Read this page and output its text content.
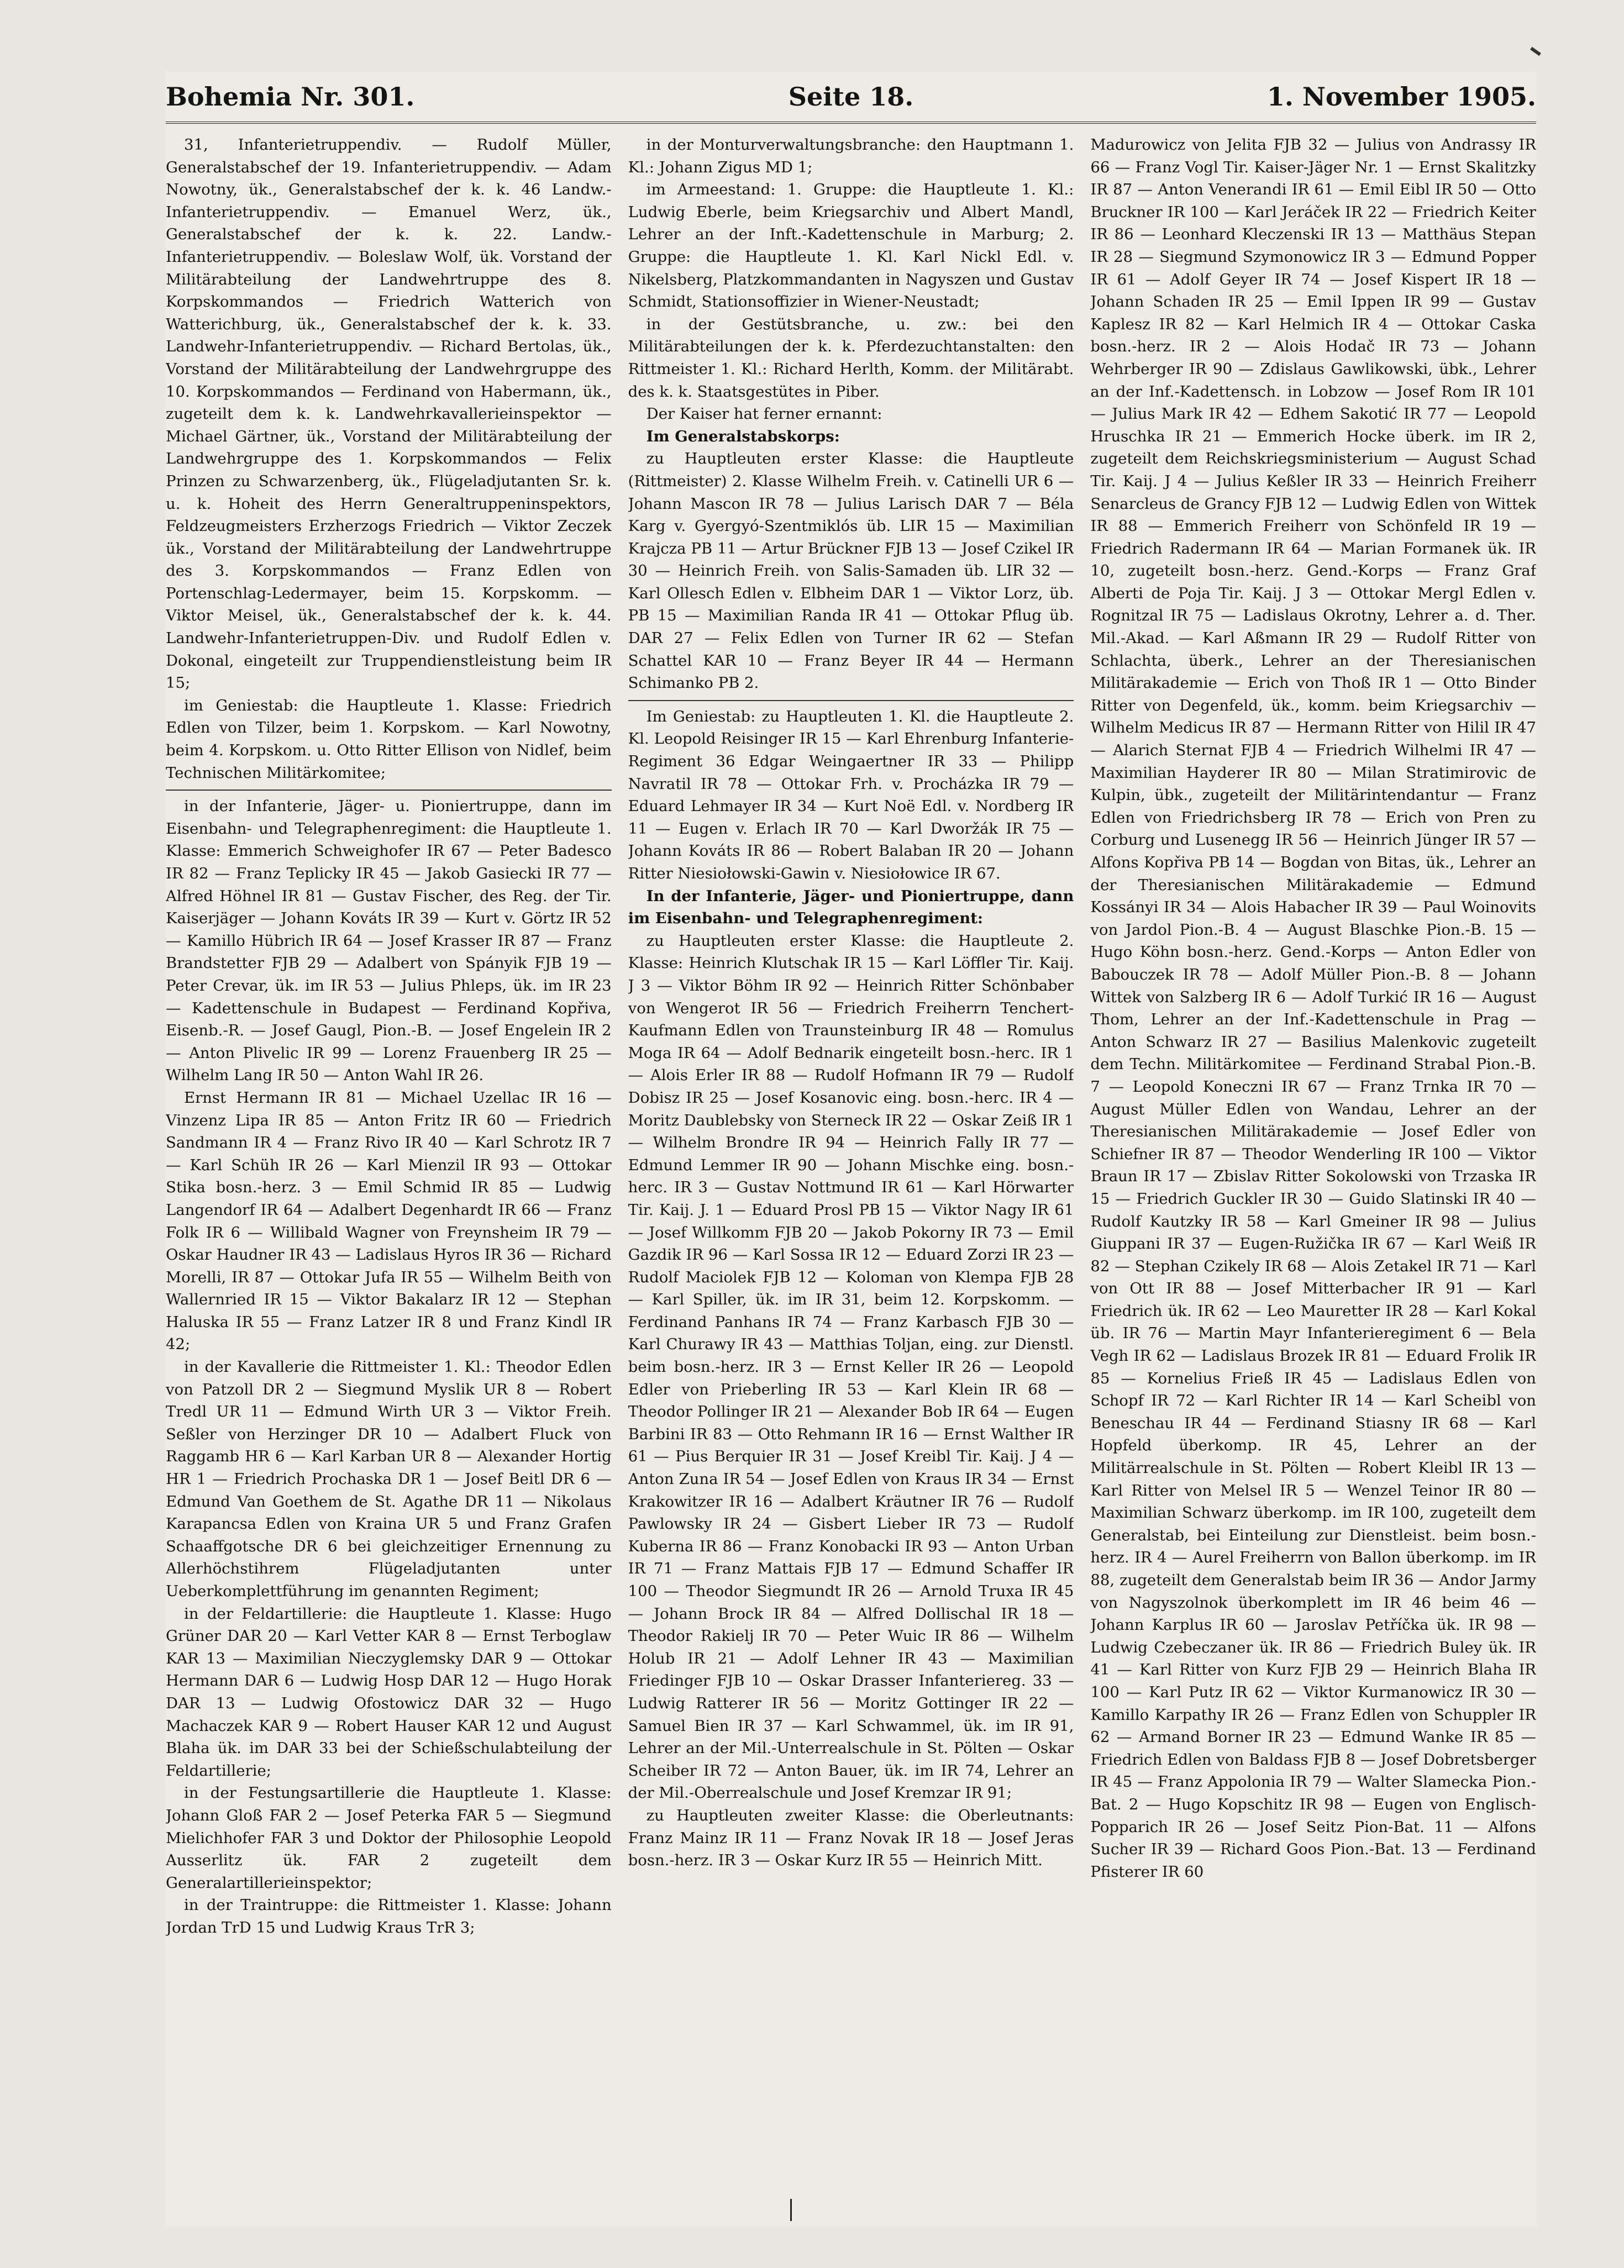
Bohemia Nr. 301.	Seite 18.	1. November 1905.

31, Infanterietruppendiv. — Rudolf Müller, Generalstabschef der 19. Infanterietruppendiv. — Adam Nowotny, ük., Generalstabschef der k. k. 46 Landw.-Infanterietruppendiv. — Emanuel Werz, ük., Generalstabschef der k. k. 22. Landw.-Infanterietruppendiv. — Boleslaw Wolf, ük. Vorstand der Militärabteilung der Landwehrtruppe des 8. Korpskommandos — Friedrich Watterich von Watterichburg, ük., Generalstabschef der k. k. 33. Landwehr-Infanterietruppendiv. — Richard Bertolas, ük., Vorstand der Militärabteilung der Landwehrgruppe des 10. Korpskommandos — Ferdinand von Habermann, ük., zugeteilt dem k. k. Landwehrkavallerieinspektor — Michael Gärtner, ük., Vorstand der Militärabteilung der Landwehrgruppe des 1. Korpskommandos — Felix Prinzen zu Schwarzenberg, ük., Flügeladjutanten Sr. k. u. k. Hoheit des Herrn Generaltruppeninspektors, Feldzeugmeisters Erzherzogs Friedrich — Viktor Zeczek ük., Vorstand der Militärabteilung der Landwehrtruppe des 3. Korpskommandos — Franz Edlen von Portenschlag-Ledermayer, beim 15. Korpskomm. — Viktor Meisel, ük., Generalstabschef der k. k. 44. Landwehr-Infanterietruppen-Div. und Rudolf Edlen v. Dokonal, eingeteilt zur Truppendienstleistung beim IR 15;

im Geniestab: die Hauptleute 1. Klasse: Friedrich Edlen von Tilzer, beim 1. Korpskom. — Karl Nowotny, beim 4. Korpskom. u. Otto Ritter Ellison von Nidlef, beim Technischen Militärkomitee;

in der Infanterie, Jäger- u. Pioniertruppe, dann im Eisenbahn- und Telegraphenregiment: die Hauptleute 1. Klasse: Emmerich Schweighofer IR 67 — Peter Badesco IR 82 — Franz Teplicky IR 45 — Jakob Gasiecki IR 77 — Alfred Höhnel IR 81 — Gustav Fischer, des Reg. der Tir. Kaiserjäger — Johann Kováts IR 39 — Kurt v. Görtz IR 52 — Kamillo Hübrich IR 64 — Josef Krasser IR 87 — Franz Brandstetter FJB 29 — Adalbert von Spányik FJB 19 — Peter Crevar, ük. im IR 53 — Julius Phleps, ük. im IR 23 — Kadettenschule in Budapest — Ferdinand Kopřiva, Eisenb.-R. — Josef Gaugl, Pion.-B. — Josef Engelein IR 2 — Anton Plivelic IR 99 — Lorenz Frauenberg IR 25 — Wilhelm Lang IR 50 — Anton Wahl IR 26.

Ernst Hermann IR 81 — Michael Uzellac IR 16 — Vinzenz Lipa IR 85 — Anton Fritz IR 60 — Friedrich Sandmann IR 4 — Franz Rivo IR 40 — Karl Schrotz IR 7 — Karl Schüh IR 26 — Karl Mienzil IR 93 — Ottokar Stika bosn.-herz. 3 — Emil Schmid IR 85 — Ludwig Langendorf IR 64 — Adalbert Degenhardt IR 66 — Franz Folk IR 6 — Willibald Wagner von Freynsheim IR 79 — Oskar Haudner IR 43 — Ladislaus Hyros IR 36 — Richard Morelli, IR 87 — Ottokar Jufa IR 55 — Wilhelm Beith von Wallernried IR 15 — Viktor Bakalarz IR 12 — Stephan Haluska IR 55 — Franz Latzer IR 8 und Franz Kindl IR 42;

in der Kavallerie die Rittmeister 1. Kl.: Theodor Edlen von Patzoll DR 2 — Siegmund Myslik UR 8 — Robert Tredl UR 11 — Edmund Wirth UR 3 — Viktor Freih. Seßler von Herzinger DR 10 — Adalbert Fluck von Raggamb HR 6 — Karl Karban UR 8 — Alexander Hortig HR 1 — Friedrich Prochaska DR 1 — Josef Beitl DR 6 — Edmund Van Goethem de St. Agathe DR 11 — Nikolaus Karapancsa Edlen von Kraina UR 5 und Franz Grafen Schaaffgotsche DR 6 bei gleichzeitiger Ernennung zu Allerhöchstihrem Flügeladjutanten unter Ueberkomplettführung im genannten Regiment;

in der Feldartillerie: die Hauptleute 1. Klasse: Hugo Grüner DAR 20 — Karl Vetter KAR 8 — Ernst Terboglaw KAR 13 — Maximilian Nieczyglemsky DAR 9 — Ottokar Hermann DAR 6 — Ludwig Hosp DAR 12 — Hugo Horak DAR 13 — Ludwig Ofostowicz DAR 32 — Hugo Machaczek KAR 9 — Robert Hauser KAR 12 und August Blaha ük. im DAR 33 bei der Schießschulabteilung der Feldartillerie;

in der Festungsartillerie die Hauptleute 1. Klasse: Johann Gloß FAR 2 — Josef Peterka FAR 5 — Siegmund Mielichhofer FAR 3 und Doktor der Philosophie Leopold Ausserlitz ük. FAR 2 zugeteilt dem Generalartillerieinspektor;

in der Traintruppe: die Rittmeister 1. Klasse: Johann Jordan TrD 15 und Ludwig Kraus TrR 3;

in der Monturverwaltungsbranche: den Hauptmann 1. Kl.: Johann Zigus MD 1;

im Armeestand: 1. Gruppe: die Hauptleute 1. Kl.: Ludwig Eberle, beim Kriegsarchiv und Albert Mandl, Lehrer an der Inft.-Kadettenschule in Marburg; 2. Gruppe: die Hauptleute 1. Kl. Karl Nickl Edl. v. Nikelsberg, Platzkommandanten in Nagyszen und Gustav Schmidt, Stationsoffizier in Wiener-Neustadt;

in der Gestütsbranche, u. zw.: bei den Militärabteilungen der k. k. Pferdezuchtanstalten: den Rittmeister 1. Kl.: Richard Herlth, Komm. der Militärabt. des k. k. Staatsgestütes in Piber.

Der Kaiser hat ferner ernannt:

Im Generalstabskorps:

zu Hauptleuten erster Klasse: die Hauptleute (Rittmeister) 2. Klasse Wilhelm Freih. v. Catinelli UR 6 — Johann Mascon IR 78 — Julius Larisch DAR 7 — Béla Karg v. Gyergyó-Szentmiklós üb. LIR 15 — Maximilian Krajcza PB 11 — Artur Brückner FJB 13 — Josef Czikel IR 30 — Heinrich Freih. von Salis-Samaden üb. LIR 32 — Karl Ollesch Edlen v. Elbheim DAR 1 — Viktor Lorz, üb. PB 15 — Maximilian Randa IR 41 — Ottokar Pflug üb. DAR 27 — Felix Edlen von Turner IR 62 — Stefan Schattel KAR 10 — Franz Beyer IR 44 — Hermann Schimanko PB 2.

Im Geniestab: zu Hauptleuten 1. Kl. die Hauptleute 2. Kl. Leopold Reisinger IR 15 — Karl Ehrenburg Infanterie-Regiment 36 Edgar Weingaertner IR 33 — Philipp Navratil IR 78 — Ottokar Frh. v. Procházka IR 79 — Eduard Lehmayer IR 34 — Kurt Noë Edl. v. Nordberg IR 11 — Eugen v. Erlach IR 70 — Karl Dworžák IR 75 — Johann Kováts IR 86 — Robert Balaban IR 20 — Johann Ritter Niesiołowski-Gawin v. Niesiołowice IR 67.

In der Infanterie, Jäger- und Pioniertruppe, dann im Eisenbahn- und Telegraphenregiment:

zu Hauptleuten erster Klasse: die Hauptleute 2. Klasse: Heinrich Klutschak IR 15 — Karl Löffler Tir. Kaij. J 3 — Viktor Böhm IR 92 — Heinrich Ritter Schönbaber von Wengerot IR 56 — Friedrich Freiherrn Tenchert-Kaufmann Edlen von Traunsteinburg IR 48 — Romulus Moga IR 64 — Adolf Bednarik eingeteilt bosn.-herc. IR 1 — Alois Erler IR 88 — Rudolf Hofmann IR 79 — Rudolf Dobisz IR 25 — Josef Kosanovic eing. bosn.-herc. IR 4 — Moritz Daublebsky von Sterneck IR 22 — Oskar Zeiß IR 1 — Wilhelm Brondre IR 94 — Heinrich Fally IR 77 — Edmund Lemmer IR 90 — Johann Mischke eing. bosn.-herc. IR 3 — Gustav Nottmund IR 61 — Karl Hörwarter Tir. Kaij. J. 1 — Eduard Prosl PB 15 — Viktor Nagy IR 61 — Josef Willkomm FJB 20 — Jakob Pokorny IR 73 — Emil Gazdik IR 96 — Karl Sossa IR 12 — Eduard Zorzi IR 23 — Rudolf Maciolek FJB 12 — Koloman von Klempa FJB 28 — Karl Spiller, ük. im IR 31, beim 12. Korpskomm. — Ferdinand Panhans IR 74 — Franz Karbasch FJB 30 — Karl Churawy IR 43 — Matthias Toljan, eing. zur Dienstl. beim bosn.-herz. IR 3 — Ernst Keller IR 26 — Leopold Edler von Prieberling IR 53 — Karl Klein IR 68 — Theodor Pollinger IR 21 — Alexander Bob IR 64 — Eugen Barbini IR 83 — Otto Rehmann IR 16 — Ernst Walther IR 61 — Pius Berquier IR 31 — Josef Kreibl Tir. Kaij. J 4 — Anton Zuna IR 54 — Josef Edlen von Kraus IR 34 — Ernst Krakowitzer IR 16 — Adalbert Kräutner IR 76 — Rudolf Pawlowsky IR 24 — Gisbert Lieber IR 73 — Rudolf Kuberna IR 86 — Franz Konobacki IR 93 — Anton Urban IR 71 — Franz Mattais FJB 17 — Edmund Schaffer IR 100 — Theodor Siegmundt IR 26 — Arnold Truxa IR 45 — Johann Brock IR 84 — Alfred Dollischal IR 18 — Theodor Rakielj IR 70 — Peter Wuic IR 86 — Wilhelm Holub IR 21 — Adolf Lehner IR 43 — Maximilian Friedinger FJB 10 — Oskar Drasser Infanteriereg. 33 — Ludwig Ratterer IR 56 — Moritz Gottinger IR 22 — Samuel Bien IR 37 — Karl Schwammel, ük. im IR 91, Lehrer an der Mil.-Unterrealschule in St. Pölten — Oskar Scheiber IR 72 — Anton Bauer, ük. im IR 74, Lehrer an der Mil.-Oberrealschule und Josef Kremzar IR 91;

zu Hauptleuten zweiter Klasse: die Oberleutnants: Franz Mainz IR 11 — Franz Novak IR 18 — Josef Jeras bosn.-herz. IR 3 — Oskar Kurz IR 55 — Heinrich Mitt.

Madurowicz von Jelita FJB 32 — Julius von Andrassy IR 66 — Franz Vogl Tir. Kaiser-Jäger Nr. 1 — Ernst Skalitzky IR 87 — Anton Venerandi IR 61 — Emil Eibl IR 50 — Otto Bruckner IR 100 — Karl Jeráček IR 22 — Friedrich Keiter IR 86 — Leonhard Kleczenski IR 13 — Matthäus Stepan IR 28 — Siegmund Szymonowicz IR 3 — Edmund Popper IR 61 — Adolf Geyer IR 74 — Josef Kispert IR 18 — Johann Schaden IR 25 — Emil Ippen IR 99 — Gustav Kaplesz IR 82 — Karl Helmich IR 4 — Ottokar Caska bosn.-herz. IR 2 — Alois Hodač IR 73 — Johann Wehrberger IR 90 — Zdislaus Gawlikowski, übk., Lehrer an der Inf.-Kadettensch. in Lobzow — Josef Rom IR 101 — Julius Mark IR 42 — Edhem Sakotić IR 77 — Leopold Hruschka IR 21 — Emmerich Hocke überk. im IR 2, zugeteilt dem Reichskriegsministerium — August Schad Tir. Kaij. J 4 — Julius Keßler IR 33 — Heinrich Freiherr Senarcleus de Grancy FJB 12 — Ludwig Edlen von Wittek IR 88 — Emmerich Freiherr von Schönfeld IR 19 — Friedrich Radermann IR 64 — Marian Formanek ük. IR 10, zugeteilt bosn.-herz. Gend.-Korps — Franz Graf Alberti de Poja Tir. Kaij. J 3 — Ottokar Mergl Edlen v. Rognitzal IR 75 — Ladislaus Okrotny, Lehrer a. d. Ther. Mil.-Akad. — Karl Aßmann IR 29 — Rudolf Ritter von Schlachta, überk., Lehrer an der Theresianischen Militärakademie — Erich von Thoß IR 1 — Otto Binder Ritter von Degenfeld, ük., komm. beim Kriegsarchiv — Wilhelm Medicus IR 87 — Hermann Ritter von Hilil IR 47 — Alarich Sternat FJB 4 — Friedrich Wilhelmi IR 47 — Maximilian Hayderer IR 80 — Milan Stratimirovic de Kulpin, übk., zugeteilt der Militärintendantur — Franz Edlen von Friedrichsberg IR 78 — Erich von Pren zu Corburg und Lusenegg IR 56 — Heinrich Jünger IR 57 — Alfons Kopřiva PB 14 — Bogdan von Bitas, ük., Lehrer an der Theresianischen Militärakademie — Edmund Kossányi IR 34 — Alois Habacher IR 39 — Paul Woinovits von Jardol Pion.-B. 4 — August Blaschke Pion.-B. 15 — Hugo Köhn bosn.-herz. Gend.-Korps — Anton Edler von Babouczek IR 78 — Adolf Müller Pion.-B. 8 — Johann Wittek von Salzberg IR 6 — Adolf Turkić IR 16 — August Thom, Lehrer an der Inf.-Kadettenschule in Prag — Anton Schwarz IR 27 — Basilius Malenkovic zugeteilt dem Techn. Militärkomitee — Ferdinand Strabal Pion.-B. 7 — Leopold Koneczni IR 67 — Franz Trnka IR 70 — August Müller Edlen von Wandau, Lehrer an der Theresianischen Militärakademie — Josef Edler von Schiefner IR 87 — Theodor Wenderling IR 100 — Viktor Braun IR 17 — Zbislav Ritter Sokolowski von Trzaska IR 15 — Friedrich Guckler IR 30 — Guido Slatinski IR 40 — Rudolf Kautzky IR 58 — Karl Gmeiner IR 98 — Julius Giuppani IR 37 — Eugen-Ružička IR 67 — Karl Weiß IR 82 — Stephan Czikely IR 68 — Alois Zetakel IR 71 — Karl von Ott IR 88 — Josef Mitterbacher IR 91 — Karl Friedrich ük. IR 62 — Leo Mauretter IR 28 — Karl Kokal üb. IR 76 — Martin Mayr Infanterieregiment 6 — Bela Vegh IR 62 — Ladislaus Brozek IR 81 — Eduard Frolik IR 85 — Kornelius Frieß IR 45 — Ladislaus Edlen von Schopf IR 72 — Karl Richter IR 14 — Karl Scheibl von Beneschau IR 44 — Ferdinand Stiasny IR 68 — Karl Hopfeld überkomp. IR 45, Lehrer an der Militärrealschule in St. Pölten — Robert Kleibl IR 13 — Karl Ritter von Melsel IR 5 — Wenzel Teinor IR 80 — Maximilian Schwarz überkomp. im IR 100, zugeteilt dem Generalstab, bei Einteilung zur Dienstleist. beim bosn.-herz. IR 4 — Aurel Freiherrn von Ballon überkomp. im IR 88, zugeteilt dem Generalstab beim IR 36 — Andor Jarmy von Nagyszolnok überkomplett im IR 46 beim 46 — Johann Karplus IR 60 — Jaroslav Petříčka ük. IR 98 — Ludwig Czebeczaner ük. IR 86 — Friedrich Buley ük. IR 41 — Karl Ritter von Kurz FJB 29 — Heinrich Blaha IR 100 — Karl Putz IR 62 — Viktor Kurmanowicz IR 30 — Kamillo Karpathy IR 26 — Franz Edlen von Schuppler IR 62 — Armand Borner IR 23 — Edmund Wanke IR 85 — Friedrich Edlen von Baldass FJB 8 — Josef Dobretsberger IR 45 — Franz Appolonia IR 79 — Walter Slamecka Pion.-Bat. 2 — Hugo Kopschitz IR 98 — Eugen von Englisch-Popparich IR 26 — Josef Seitz Pion-Bat. 11 — Alfons Sucher IR 39 — Richard Goos Pion.-Bat. 13 — Ferdinand Pfisterer IR 60
